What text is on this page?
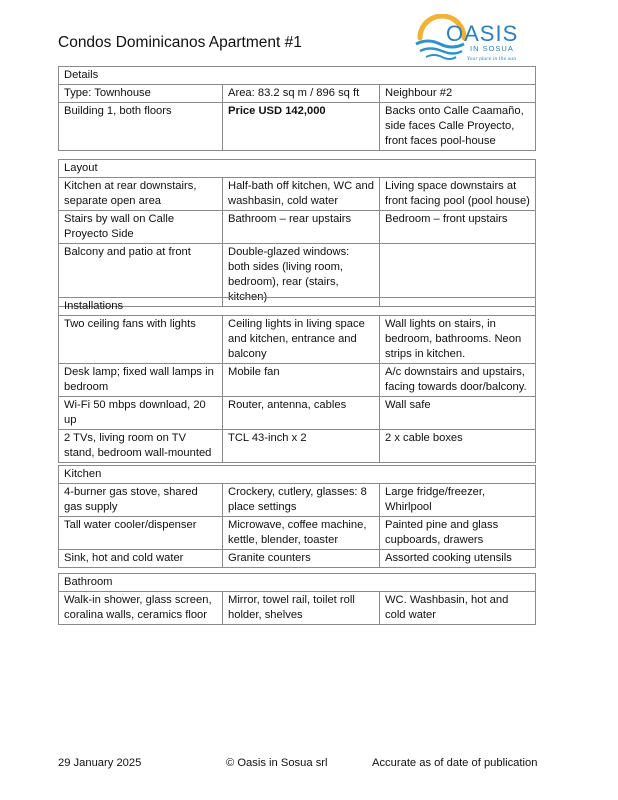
Condos Dominicanos Apartment #1	OASIS
IN SOSUA
Your place in the sun
Details		
Type: Townhouse	Area: 83.2 sq m / 896 sq ft	Neighbour #2
Building 1, both floors	Price USD 142,000	Backs onto Calle Caamaño, side faces Calle Proyecto, front faces pool-house
Layout		
Kitchen at rear downstairs, separate open area	Half-bath off kitchen, WC and washbasin, cold water	Living space downstairs at front facing pool (pool house)
Stairs by wall on Calle Proyecto Side	Bathroom – rear upstairs	Bedroom – front upstairs
Balcony and patio at front	Double-glazed windows: both sides (living room, bedroom), rear (stairs, kitchen)	
Installations		
Two ceiling fans with lights	Ceiling lights in living space and kitchen, entrance and balcony	Wall lights on stairs, in bedroom, bathrooms. Neon strips in kitchen.
Desk lamp; fixed wall lamps in bedroom	Mobile fan	A/c downstairs and upstairs, facing towards door/balcony.
Wi-Fi 50 mbps download, 20 up	Router, antenna, cables	Wall safe
2 TVs, living room on TV stand, bedroom wall-mounted	TCL 43-inch x 2	2 x cable boxes
Kitchen		
4-burner gas stove, shared gas supply	Crockery, cutlery, glasses: 8 place settings	Large fridge/freezer, Whirlpool
Tall water cooler/dispenser	Microwave, coffee machine, kettle, blender, toaster	Painted pine and glass cupboards, drawers
Sink, hot and cold water	Granite counters	Assorted cooking utensils
Bathroom
Walk-in shower, glass screen, coralina walls, ceramics floor	Mirror, towel rail, toilet roll holder, shelves	WC. Washbasin, hot and cold water
29 January 2025	© Oasis in Sosua srl	Accurate as of date of publication
